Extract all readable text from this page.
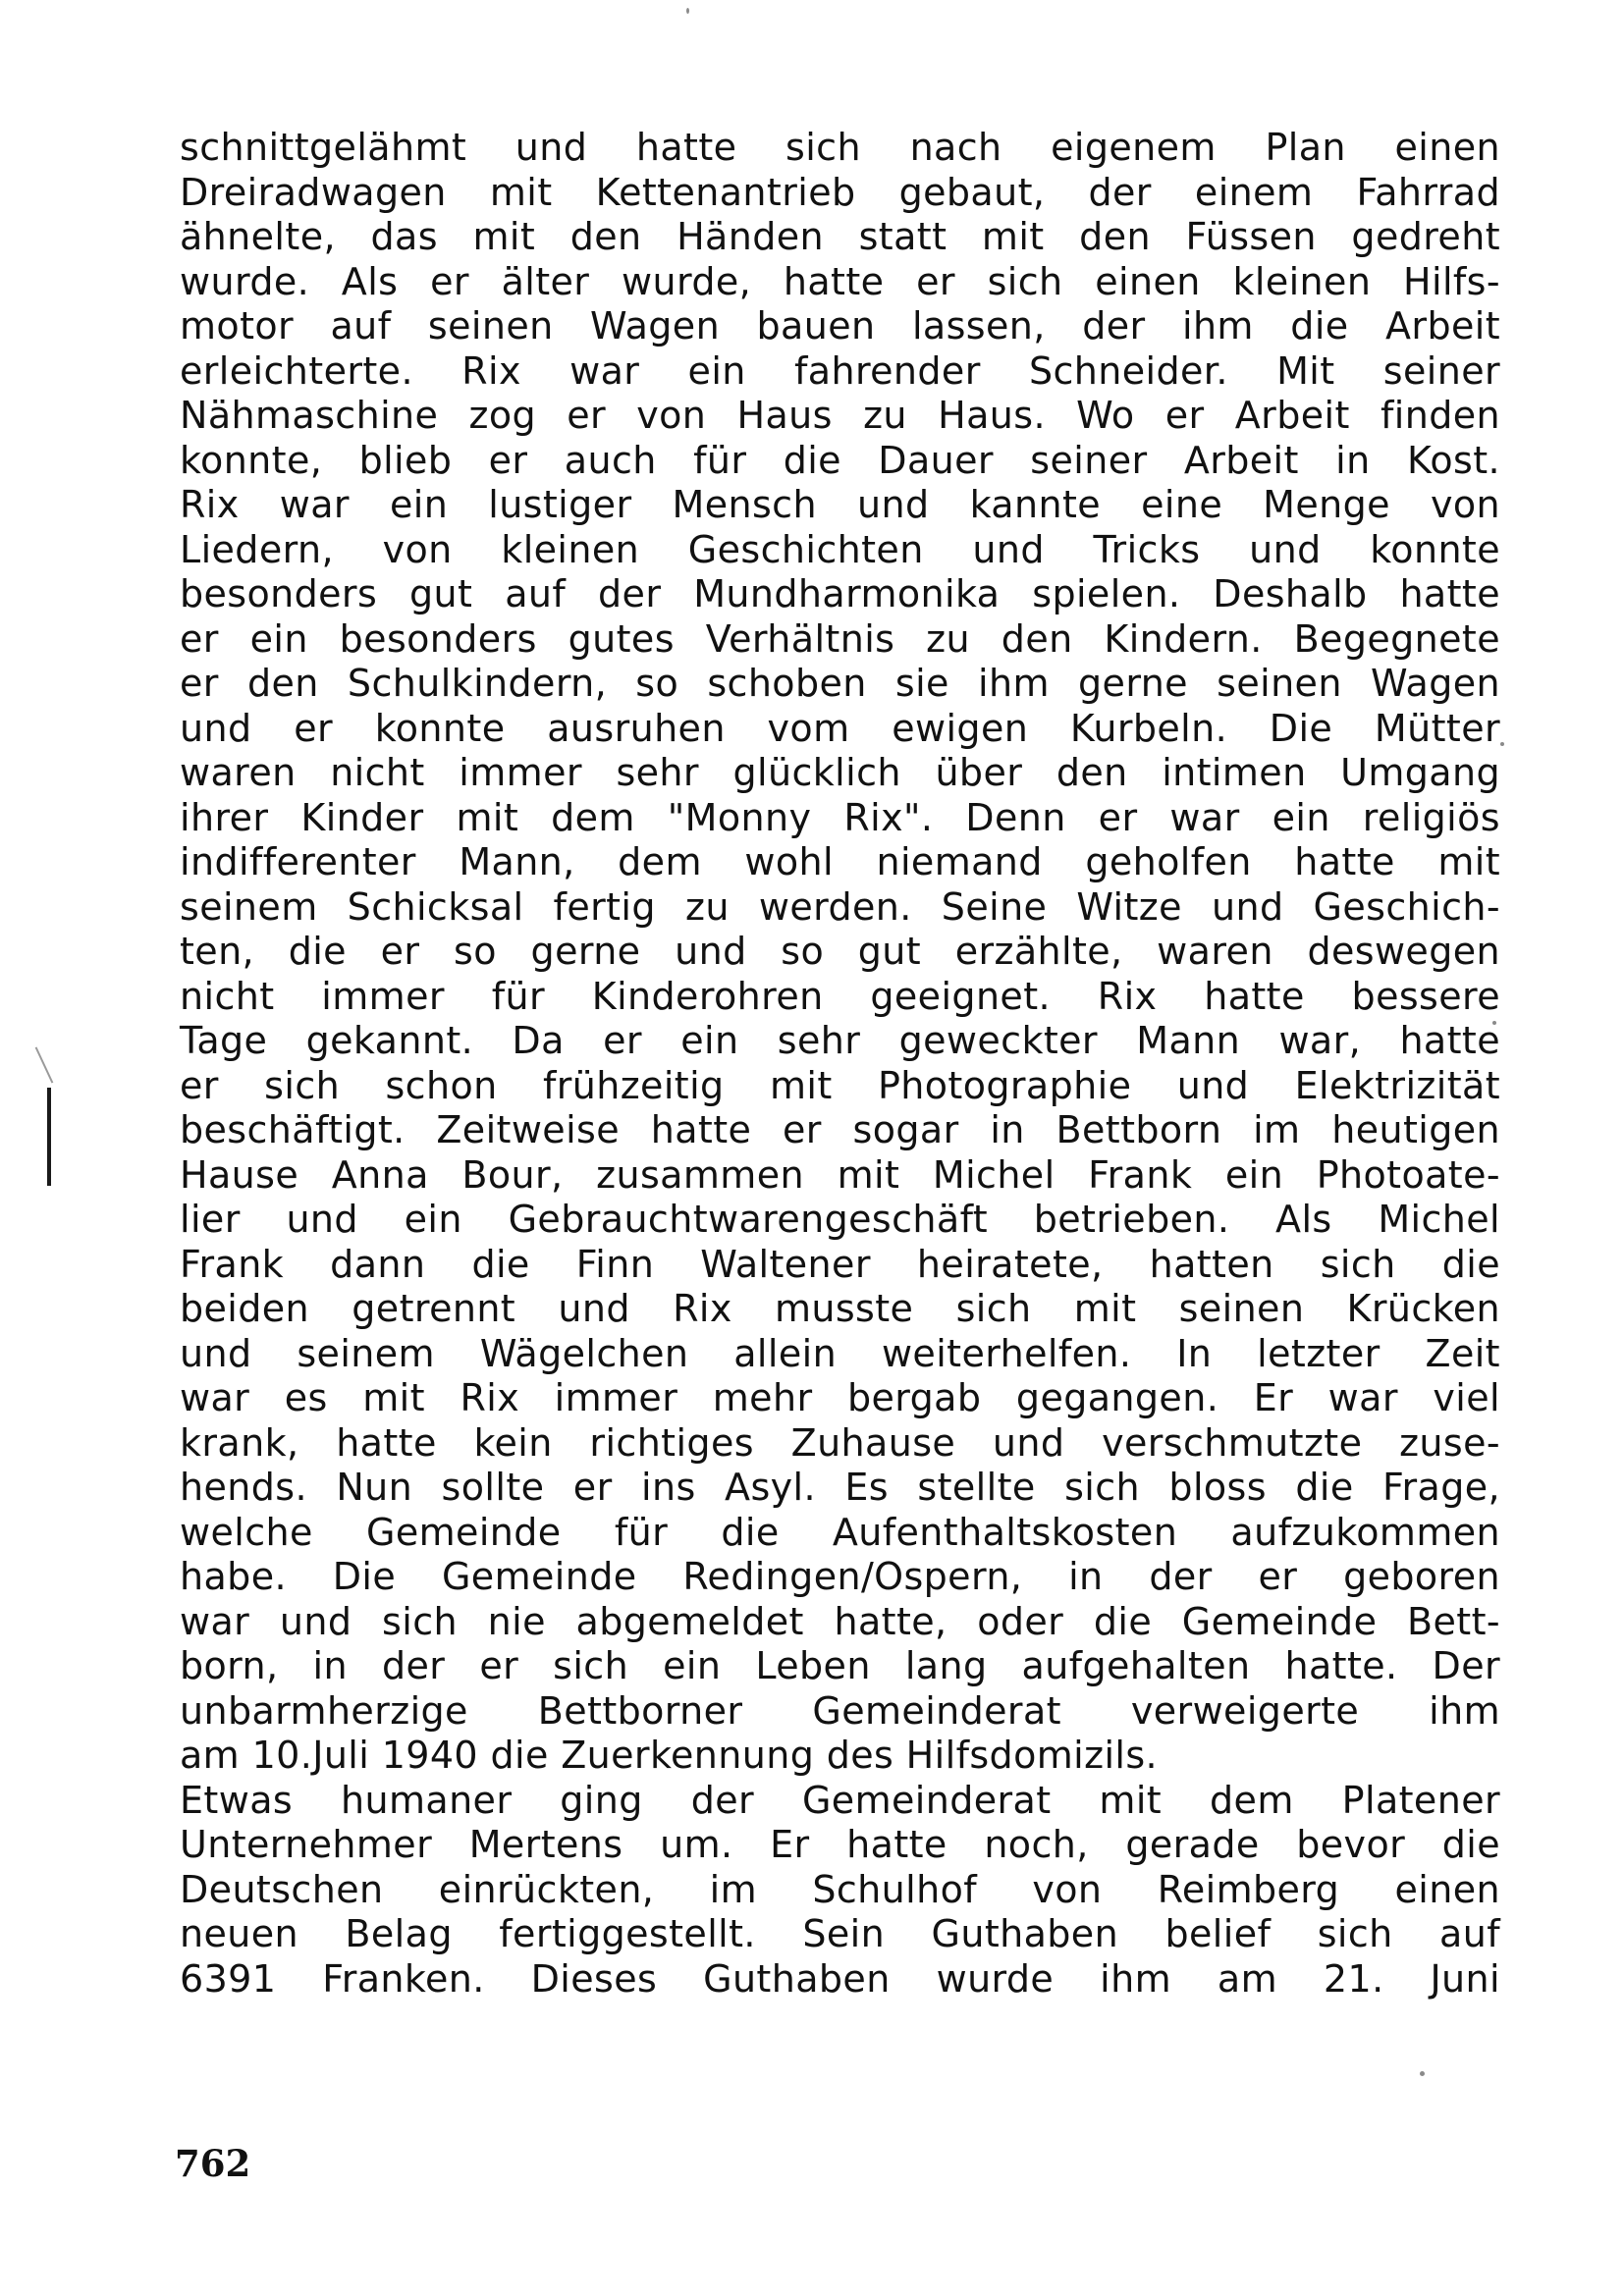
schnittgelähmt und hatte sich nach eigenem Plan einen
Dreiradwagen mit Kettenantrieb gebaut, der einem Fahrrad
ähnelte, das mit den Händen statt mit den Füssen gedreht
wurde. Als er älter wurde, hatte er sich einen kleinen Hilfs-
motor auf seinen Wagen bauen lassen, der ihm die Arbeit
erleichterte. Rix war ein fahrender Schneider. Mit seiner
Nähmaschine zog er von Haus zu Haus. Wo er Arbeit finden
konnte, blieb er auch für die Dauer seiner Arbeit in Kost.
Rix war ein lustiger Mensch und kannte eine Menge von
Liedern, von kleinen Geschichten und Tricks und konnte
besonders gut auf der Mundharmonika spielen. Deshalb hatte
er ein besonders gutes Verhältnis zu den Kindern. Begegnete
er den Schulkindern, so schoben sie ihm gerne seinen Wagen
und er konnte ausruhen vom ewigen Kurbeln. Die Mütter
waren nicht immer sehr glücklich über den intimen Umgang
ihrer Kinder mit dem "Monny Rix". Denn er war ein religiös
indifferenter Mann, dem wohl niemand geholfen hatte mit
seinem Schicksal fertig zu werden. Seine Witze und Geschich-
ten, die er so gerne und so gut erzählte, waren deswegen
nicht immer für Kinderohren geeignet. Rix hatte bessere
Tage gekannt. Da er ein sehr geweckter Mann war, hatte
er sich schon frühzeitig mit Photographie und Elektrizität
beschäftigt. Zeitweise hatte er sogar in Bettborn im heutigen
Hause Anna Bour, zusammen mit Michel Frank ein Photoate-
lier und ein Gebrauchtwarengeschäft betrieben. Als Michel
Frank dann die Finn Waltener heiratete, hatten sich die
beiden getrennt und Rix musste sich mit seinen Krücken
und seinem Wägelchen allein weiterhelfen. In letzter Zeit
war es mit Rix immer mehr bergab gegangen. Er war viel
krank, hatte kein richtiges Zuhause und verschmutzte zuse-
hends. Nun sollte er ins Asyl. Es stellte sich bloss die Frage,
welche Gemeinde für die Aufenthaltskosten aufzukommen
habe. Die Gemeinde Redingen/Ospern, in der er geboren
war und sich nie abgemeldet hatte, oder die Gemeinde Bett-
born, in der er sich ein Leben lang aufgehalten hatte. Der
unbarmherzige Bettborner Gemeinderat verweigerte ihm
am 10.Juli 1940 die Zuerkennung des Hilfsdomizils.
Etwas humaner ging der Gemeinderat mit dem Platener
Unternehmer Mertens um. Er hatte noch, gerade bevor die
Deutschen einrückten, im Schulhof von Reimberg einen
neuen Belag fertiggestellt. Sein Guthaben belief sich auf
6391 Franken. Dieses Guthaben wurde ihm am 21. Juni
762
